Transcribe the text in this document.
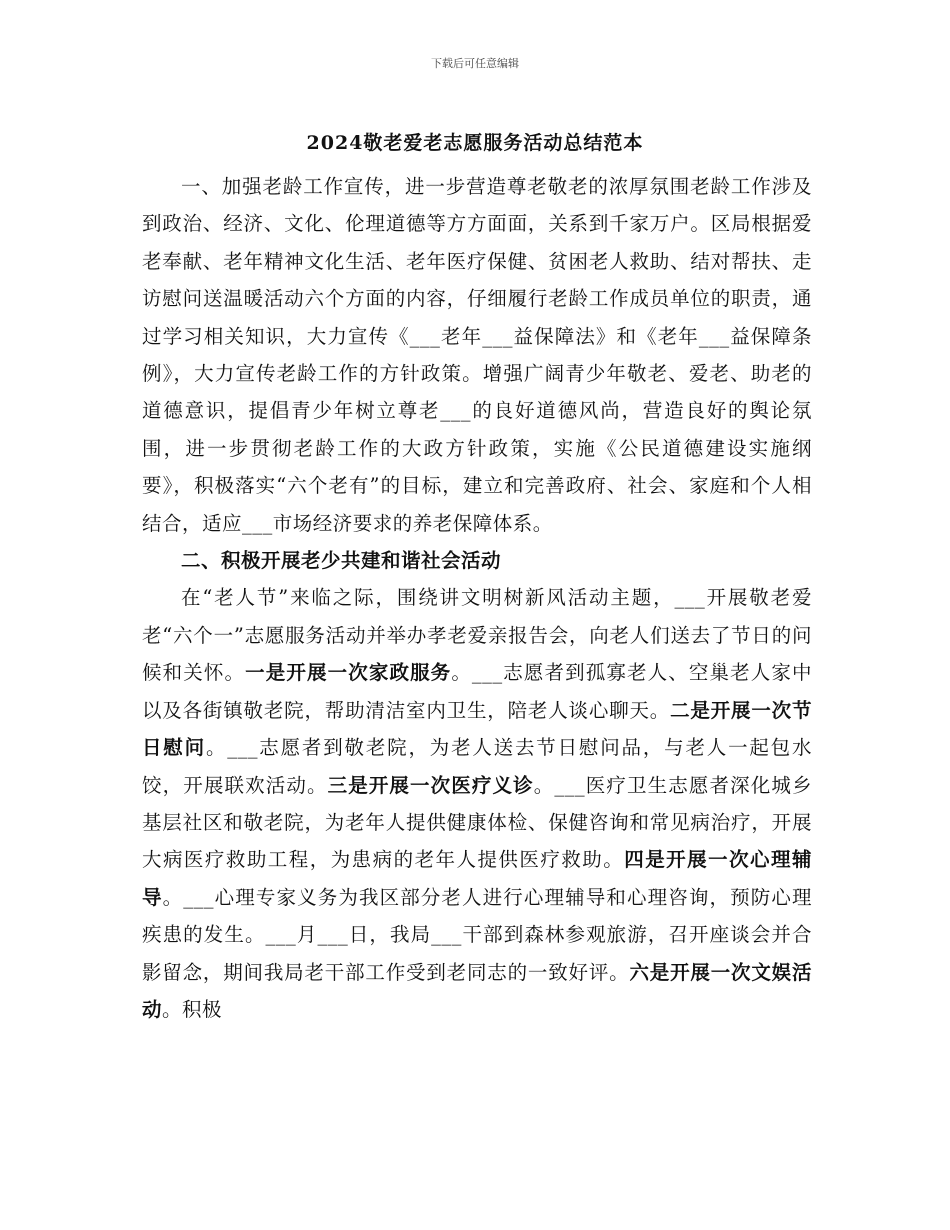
下载后可任意编辑
2024敬老爱老志愿服务活动总结范本

一、加强老龄工作宣传，进一步营造尊老敬老的浓厚氛围老龄工作涉及到政治、经济、文化、伦理道德等方方面面，关系到千家万户。区局根据爱老奉献、老年精神文化生活、老年医疗保健、贫困老人救助、结对帮扶、走访慰问送温暖活动六个方面的内容，仔细履行老龄工作成员单位的职责，通过学习相关知识，大力宣传《___老年___益保障法》和《老年___益保障条例》，大力宣传老龄工作的方针政策。增强广阔青少年敬老、爱老、助老的道德意识，提倡青少年树立尊老___的良好道德风尚，营造良好的舆论氛围，进一步贯彻老龄工作的大政方针政策，实施《公民道德建设实施纲要》，积极落实“六个老有”的目标，建立和完善政府、社会、家庭和个人相结合，适应___市场经济要求的养老保障体系。

二、积极开展老少共建和谐社会活动

在“老人节”来临之际，围绕讲文明树新风活动主题，___开展敬老爱老“六个一”志愿服务活动并举办孝老爱亲报告会，向老人们送去了节日的问候和关怀。一是开展一次家政服务。___志愿者到孤寡老人、空巢老人家中以及各街镇敬老院，帮助清洁室内卫生，陪老人谈心聊天。二是开展一次节日慰问。___志愿者到敬老院，为老人送去节日慰问品，与老人一起包水饺，开展联欢活动。三是开展一次医疗义诊。___医疗卫生志愿者深化城乡基层社区和敬老院，为老年人提供健康体检、保健咨询和常见病治疗，开展大病医疗救助工程，为患病的老年人提供医疗救助。四是开展一次心理辅导。___心理专家义务为我区部分老人进行心理辅导和心理咨询，预防心理疾患的发生。___月___日，我局___干部到森林参观旅游，召开座谈会并合影留念，期间我局老干部工作受到老同志的一致好评。六是开展一次文娱活动。积极
